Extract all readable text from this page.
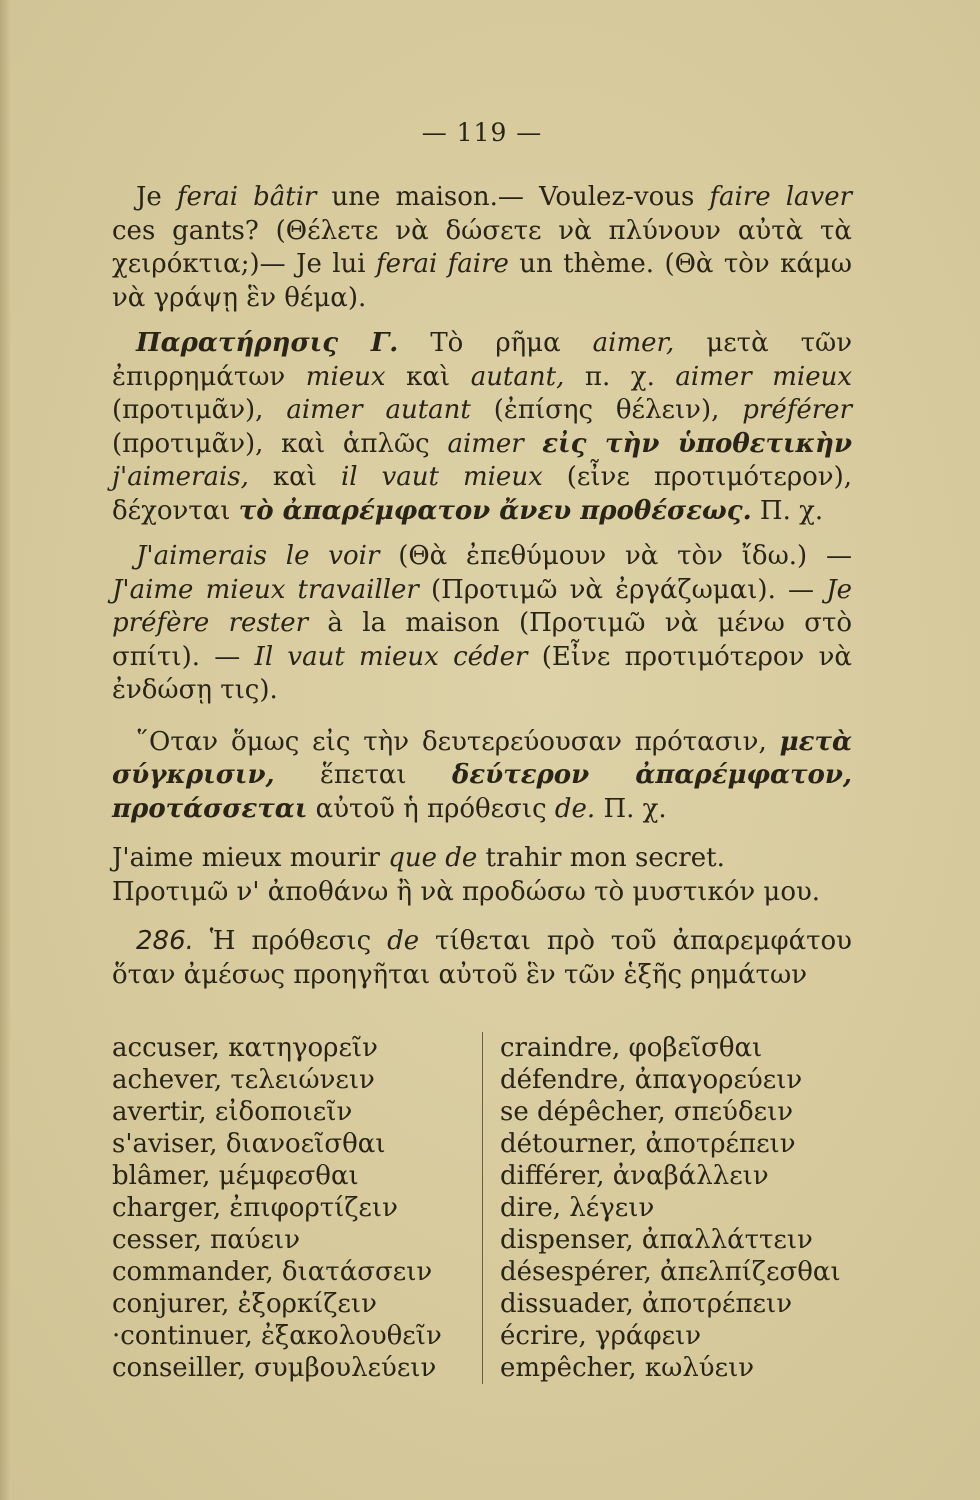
— 119 —

Je ferai bâtir une maison.— Voulez-vous faire laver ces gants? (Θέλετε νὰ δώσετε νὰ πλύνουν αὐτὰ τὰ χειρόκτια;)— Je lui ferai faire un thème. (Θὰ τὸν κάμω νὰ γράψῃ ἓν θέμα).

Παρατήρησις Γ. Τὸ ρῆμα aimer, μετὰ τῶν ἐπιρρημάτων mieux καὶ autant, π. χ. aimer mieux (προτιμᾶν), aimer autant (ἐπίσης θέλειν), préférer (προτιμᾶν), καὶ ἁπλῶς aimer εἰς τὴν ὑποθετικὴν j'aimerais, καὶ il vaut mieux (εἶνε προτιμότερον), δέχονται τὸ ἀπαρέμφατον ἄνευ προθέσεως. Π. χ.

J'aimerais le voir (Θὰ ἐπεθύμουν νὰ τὸν ἴδω.) — J'aime mieux travailler (Προτιμῶ νὰ ἐργάζωμαι). — Je préfère rester à la maison (Προτιμῶ νὰ μένω στὸ σπίτι). — Il vaut mieux céder (Εἶνε προτιμότερον νὰ ἐνδώσῃ τις).

῞Οταν ὅμως εἰς τὴν δευτερεύουσαν πρότασιν, μετὰ σύγκρισιν, ἕπεται δεύτερον ἀπαρέμφατον, προτάσσεται αὐτοῦ ἡ πρόθεσις de. Π. χ.

J'aime mieux mourir que de trahir mon secret.
Προτιμῶ ν' ἀποθάνω ἢ νὰ προδώσω τὸ μυστικόν μου.

286. Ἡ πρόθεσις de τίθεται πρὸ τοῦ ἀπαρεμφάτου ὅταν ἀμέσως προηγῆται αὐτοῦ ἓν τῶν ἑξῆς ρημάτων

accuser, κατηγορεῖν
achever, τελειώνειν
avertir, εἰδοποιεῖν
s'aviser, διανοεῖσθαι
blâmer, μέμφεσθαι
charger, ἐπιφορτίζειν
cesser, παύειν
commander, διατάσσειν
conjurer, ἐξορκίζειν
·continuer, ἐξακολουθεῖν
conseiller, συμβουλεύειν
craindre, φοβεῖσθαι
défendre, ἀπαγορεύειν
se dépêcher, σπεύδειν
détourner, ἀποτρέπειν
différer, ἀναβάλλειν
dire, λέγειν
dispenser, ἀπαλλάττειν
désespérer, ἀπελπίζεσθαι
dissuader, ἀποτρέπειν
écrire, γράφειν
empêcher, κωλύειν
